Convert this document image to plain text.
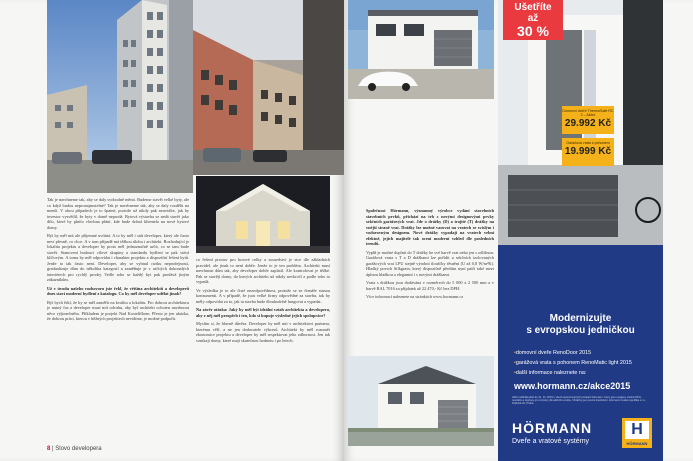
Tak je navrhneme tak, aby se daly svobodně měnit. Budeme stavět velké byty, ale co když budou nepronajmutelné? Tak je navrhneme tak, aby se daly rozdělit na menší. V obou případech je to špatné, protože už nikdy pak neuvidíte, jak by investor vysvětlil, že byty v domě neprodá. Bytová výstavba se nedá stavět jako dílo, které by plnilo všechna přání, kde bude dobrá klientela na nové bytové domy.

Být by měl mít ale příjemné uvítání. A to by měl i stát developer, který ale často neví přesně, co chce. A v tom případě má těžkou úlohu i architekt. Rozhodující je lokalita projektu a developer by proto měl jednoznačně určit, co se tam bude stavět. Stanovení budoucí cílové skupiny a standardu bydlení se pak stává klíčovým. A tomu by měl odpovídat i charakter projektu a dispoziční řešení bytů. Jenže to tak často není. Developer, aby se vyhnul riziku neprodejnosti, gradualizuje dům do několika kategorií a zaměňuje je v určitých dokonalých interiérech pro rychlý prodej. Vedle toho se každý byt pak prodává jiným zákazníkům.

Už v úvodu našeho rozhovoru jste řekl, že většina architektů a developerů dnes staví moderní bydlení z katalogu. Co by měl developer udělat jinak?

Být bych řekl, že by se měl zaměřit na kvalitu a lokalitu. Pro dobrou architekturu je nutný čas a developer musí mít odvahu, aby byl architekt ochoten navrhnout něco výjimečného. Příkladem je projekt Nad Kostelíčkem. Přesto je jen ukázka, že dobrou práci, kterou v běžných projektech nevidíme, je možné podpořit.

co řešení prostor pro hotové celky a sousedství je sice dle základních pravidel, ale jinak to není dobře. Jenže to je ten problém. Architekt musí navrhnout dům tak, aby developer dobře zaplatil. Ale kontrolovat je těžké. Pak se stavějí domy, do kterých architekt už nikdy nevkročí a podle toho to vypadá.

Ve výsledku je to ale čisté nezodpovědnost, protože se ze čtenáře stanou konzumenti. A v případě, že jsou velké firmy odpovědné za stavbu, tak by měly odpovídat za to, jak ta stavba bude dlouhodobě fungovat a vypadat.

Na závěr otázka: Jaký by měl být ideální vztah architekta a developera, aby z něj měl prospěch i ten, kdo si kupuje výsledné jejich spolupráce?

Myslím si, že hlavně důvěra. Developer by měl mít v architektovi partnera, kterému věří, a ne jen dodavatele výkresů. Architekt by měl rozumět ekonomice projektu a developer by měl respektovat jeho odbornost. Jen tak vznikají domy, které mají skutečnou hodnotu i po letech.

8 | Slovo developera

Společnost Hörmann, významný výrobce vydání stavebních stavebních prvků, přichází na trh s novými designovými prvky sekčních garážových vrat. Jde o drážky (D) a trojité (T) drážky na vnější straně vrat. Drážky lze možné varovat na vratech se svislým i vodorovným designem. Nové drážky vypadají na vratech velmi efektně, jejich majitelé tak ocení moderní vzhled dle posledních trendů.

Vyplň je možné doplnit do T drážky ke své barvě vrat nebo jen s odlišnou. Garážová vrata s T a D drážkami lze pořídit u sekčních izolovaných garážových vrat LPU stejně výrobní tloušťky těsnění (U až 0,8 W/m²K). Hladký povrch Silkgrain, který dispozičně předtím nyní patří také mezi úplnou hladkou a elegantní i s novými drážkami.

Vrata s drážkou jsou dodávána v rozměrech do 5 000 x 2 500 mm a v barvě RAL 7016 za příplatek až 22 470,- Kč bez DPH.

Více informací naleznete na stránkách www.hormann.cz

Ušetříte
až
30 %
Domovní dveře ThermoSafe RC 2 – Akční
29.992 Kč
Garážová vrata s pohonem
19.999 Kč
Modernizujte
s evropskou jedničkou
• domovní dveře RenoDoor 2015
• garážová vrata s pohonem RenoMatic light 2015
• další informace naleznete na:
www.hormann.cz/akce2015
Akční nabídka platí do 31. 12. 2015 u všech autorizovaných prodejců Hörmann. Ceny jsou uvedeny včetně DPH, montáže a dopravy pro rozměry dle akčního ceníku. Obrázky jsou pouze ilustrativní. Hörmann Česká republika s.r.o., Pražská 20, Praha.
HÖRMANN
Dveře a vratové systémy
H
HÖRMANN
